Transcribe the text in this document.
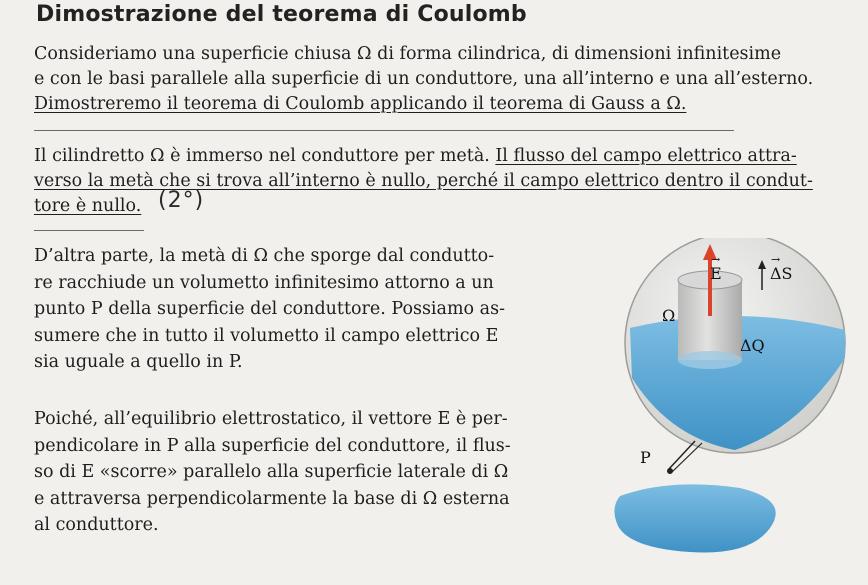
Dimostrazione del teorema di Coulomb
Consideriamo una superficie chiusa Ω di forma cilindrica, di dimensioni infinitesime
e con le basi parallele alla superficie di un conduttore, una all’interno e una all’esterno.
Dimostreremo il teorema di Coulomb applicando il teorema di Gauss a Ω.
Il cilindretto Ω è immerso nel conduttore per metà. Il flusso del campo elettrico attra-
verso la metà che si trova all’interno è nullo, perché il campo elettrico dentro il condut-
tore è nullo. (2°)
D’altra parte, la metà di Ω che sporge dal condutto-
re racchiude un volumetto infinitesimo attorno a un
punto P della superficie del conduttore. Possiamo as-
sumere che in tutto il volumetto il campo elettrico E
sia uguale a quello in P.
Poiché, all’equilibrio elettrostatico, il vettore E è per-
pendicolare in P alla superficie del conduttore, il flus-
so di E «scorre» parallelo alla superficie laterale di Ω
e attraversa perpendicolarmente la base di Ω esterna
al conduttore.
→ E
→	ΔS
Ω
ΔQ
P
